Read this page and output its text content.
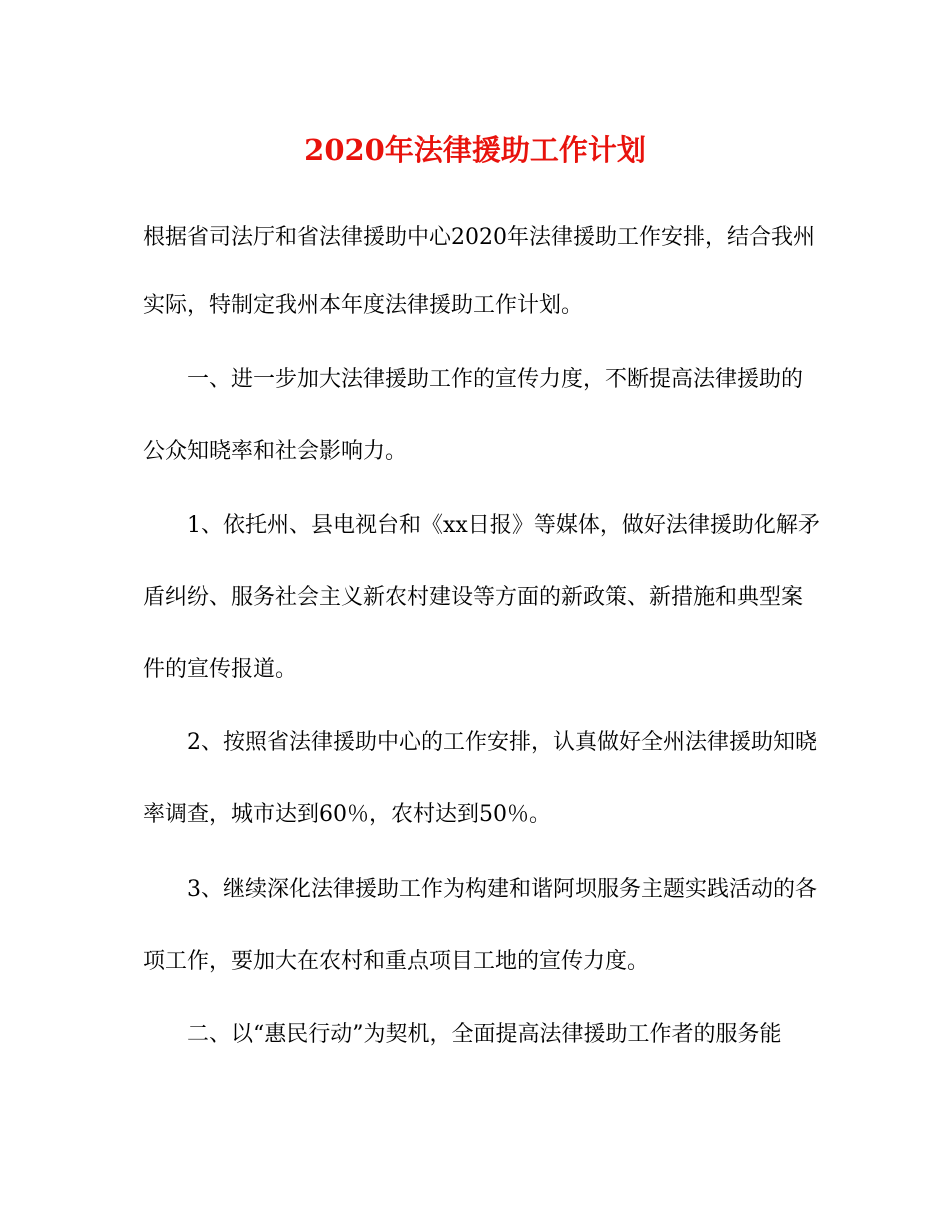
2020年法律援助工作计划
根据省司法厅和省法律援助中心2020年法律援助工作安排，结合我州
实际，特制定我州本年度法律援助工作计划。
一、进一步加大法律援助工作的宣传力度，不断提高法律援助的
公众知晓率和社会影响力。
1、依托州、县电视台和《xx日报》等媒体，做好法律援助化解矛
盾纠纷、服务社会主义新农村建设等方面的新政策、新措施和典型案
件的宣传报道。
2、按照省法律援助中心的工作安排，认真做好全州法律援助知晓
率调查，城市达到60％，农村达到50％。
3、继续深化法律援助工作为构建和谐阿坝服务主题实践活动的各
项工作，要加大在农村和重点项目工地的宣传力度。
二、以“惠民行动”为契机，全面提高法律援助工作者的服务能
